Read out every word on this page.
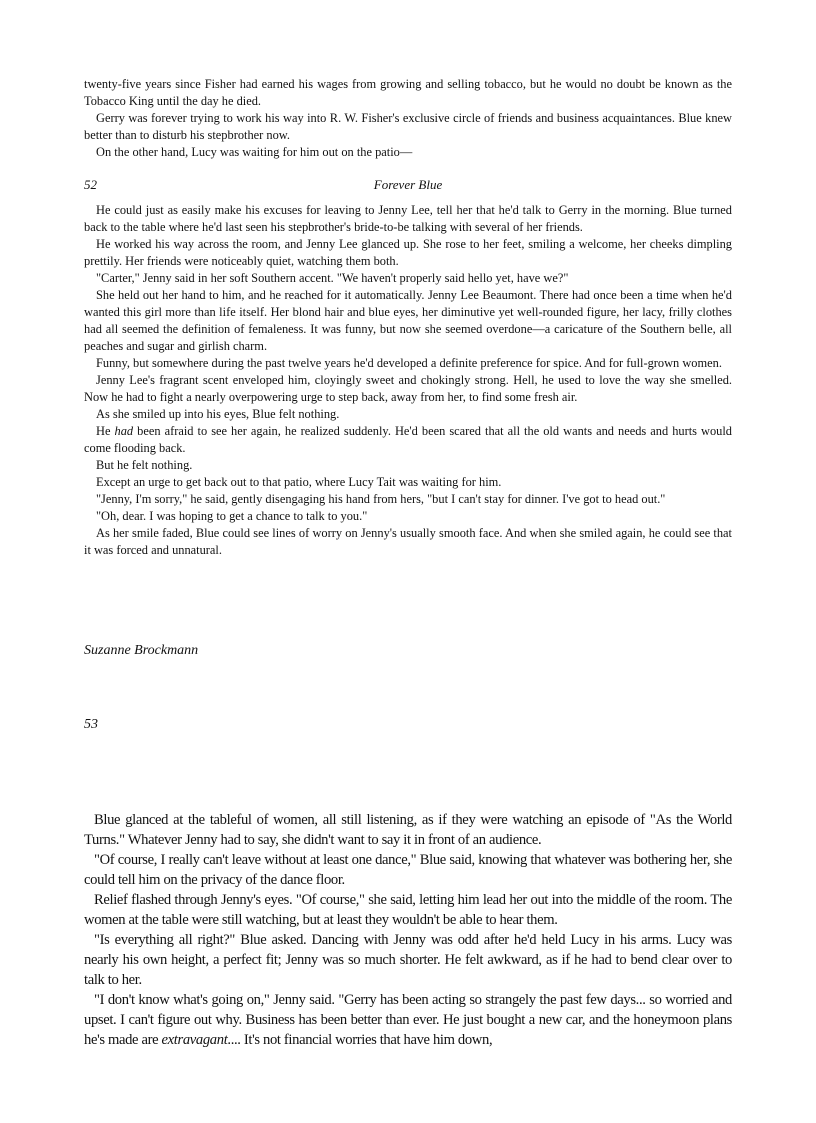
twenty-five years since Fisher had earned his wages from growing and selling tobacco, but he would no doubt be known as the Tobacco King until the day he died.

Gerry was forever trying to work his way into R. W. Fisher's exclusive circle of friends and business acquaintances. Blue knew better than to disturb his stepbrother now.

On the other hand, Lucy was waiting for him out on the patio—

52	Forever Blue

He could just as easily make his excuses for leaving to Jenny Lee, tell her that he'd talk to Gerry in the morning. Blue turned back to the table where he'd last seen his stepbrother's bride-to-be talking with several of her friends.

He worked his way across the room, and Jenny Lee glanced up. She rose to her feet, smiling a welcome, her cheeks dimpling prettily. Her friends were noticeably quiet, watching them both.

"Carter," Jenny said in her soft Southern accent. "We haven't properly said hello yet, have we?"

She held out her hand to him, and he reached for it automatically. Jenny Lee Beaumont. There had once been a time when he'd wanted this girl more than life itself. Her blond hair and blue eyes, her diminutive yet well-rounded figure, her lacy, frilly clothes had all seemed the definition of femaleness. It was funny, but now she seemed overdone—a caricature of the Southern belle, all peaches and sugar and girlish charm.

Funny, but somewhere during the past twelve years he'd developed a definite preference for spice. And for full-grown women.

Jenny Lee's fragrant scent enveloped him, cloyingly sweet and chokingly strong. Hell, he used to love the way she smelled. Now he had to fight a nearly overpowering urge to step back, away from her, to find some fresh air.

As she smiled up into his eyes, Blue felt nothing.

He had been afraid to see her again, he realized suddenly. He'd been scared that all the old wants and needs and hurts would come flooding back.

But he felt nothing.

Except an urge to get back out to that patio, where Lucy Tait was waiting for him.

"Jenny, I'm sorry," he said, gently disengaging his hand from hers, "but I can't stay for dinner. I've got to head out."

"Oh, dear. I was hoping to get a chance to talk to you."

As her smile faded, Blue could see lines of worry on Jenny's usually smooth face. And when she smiled again, he could see that it was forced and unnatural.

Suzanne Brockmann
53

Blue glanced at the tableful of women, all still listening, as if they were watching an episode of "As the World Turns." Whatever Jenny had to say, she didn't want to say it in front of an audience.

"Of course, I really can't leave without at least one dance," Blue said, knowing that whatever was bothering her, she could tell him on the privacy of the dance floor.

Relief flashed through Jenny's eyes. "Of course," she said, letting him lead her out into the middle of the room. The women at the table were still watching, but at least they wouldn't be able to hear them.

"Is everything all right?" Blue asked. Dancing with Jenny was odd after he'd held Lucy in his arms. Lucy was nearly his own height, a perfect fit; Jenny was so much shorter. He felt awkward, as if he had to bend clear over to talk to her.

"I don't know what's going on," Jenny said. "Gerry has been acting so strangely the past few days... so worried and upset. I can't figure out why. Business has been better than ever. He just bought a new car, and the honeymoon plans he's made are extravagant.... It's not financial worries that have him down,
